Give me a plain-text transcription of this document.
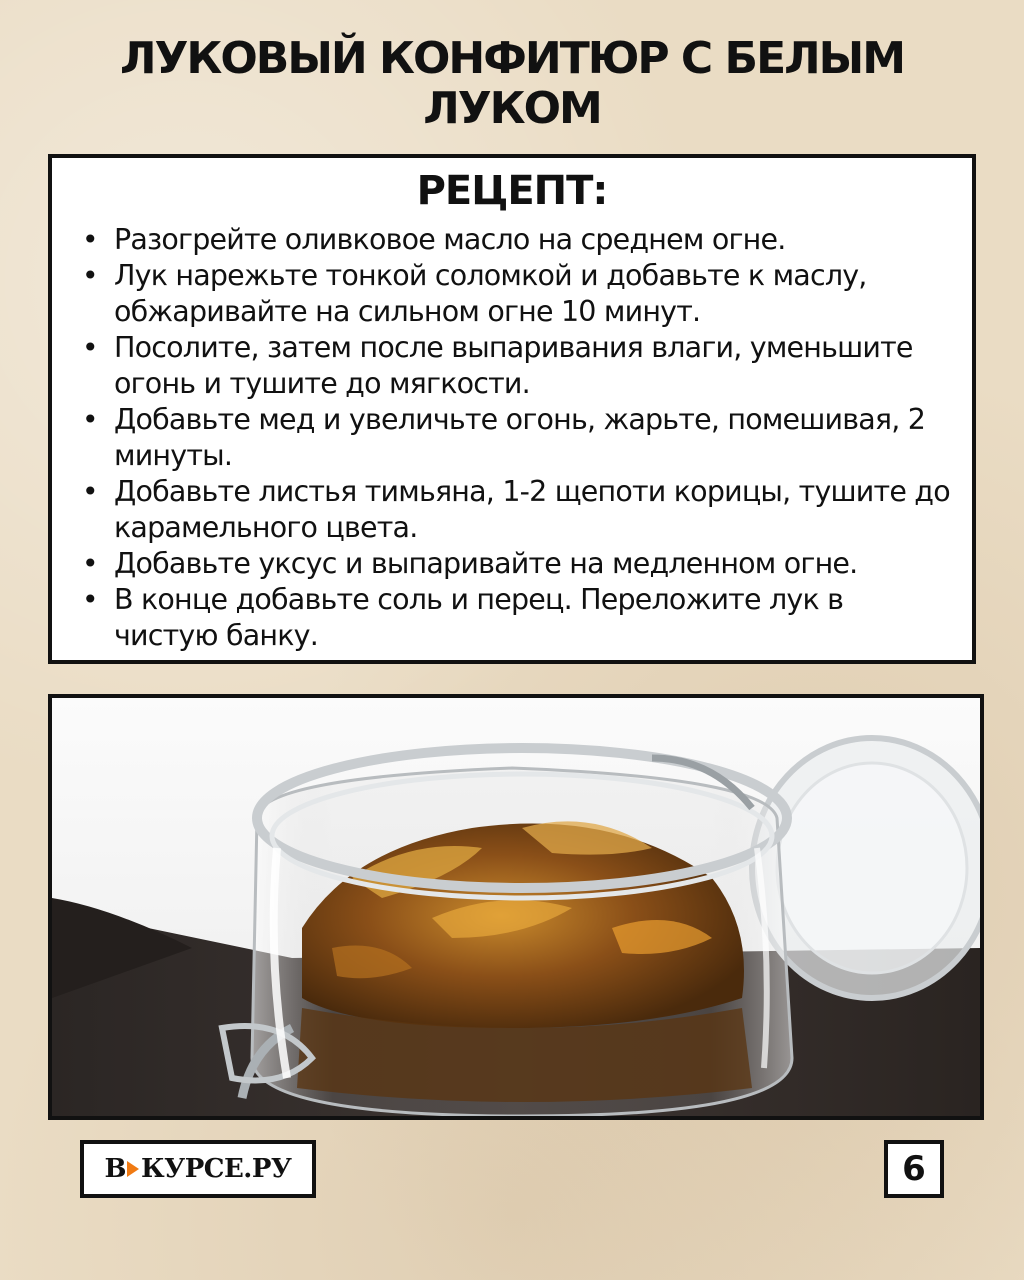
ЛУКОВЫЙ КОНФИТЮР С БЕЛЫМ ЛУКОМ
РЕЦЕПТ:
• Разогрейте оливковое масло на среднем огне.
• Лук нарежьте тонкой соломкой и добавьте к маслу, обжаривайте на сильном огне 10 минут.
• Посолите, затем после выпаривания влаги, уменьшите огонь и тушите до мягкости.
• Добавьте мед и увеличьте огонь, жарьте, помешивая, 2 минуты.
• Добавьте листья тимьяна, 1-2 щепоти корицы, тушите до карамельного цвета.
• Добавьте уксус и выпаривайте на медленном огне.
• В конце добавьте соль и перец. Переложите лук в чистую банку.
В КУРСЕ.РУ	6
